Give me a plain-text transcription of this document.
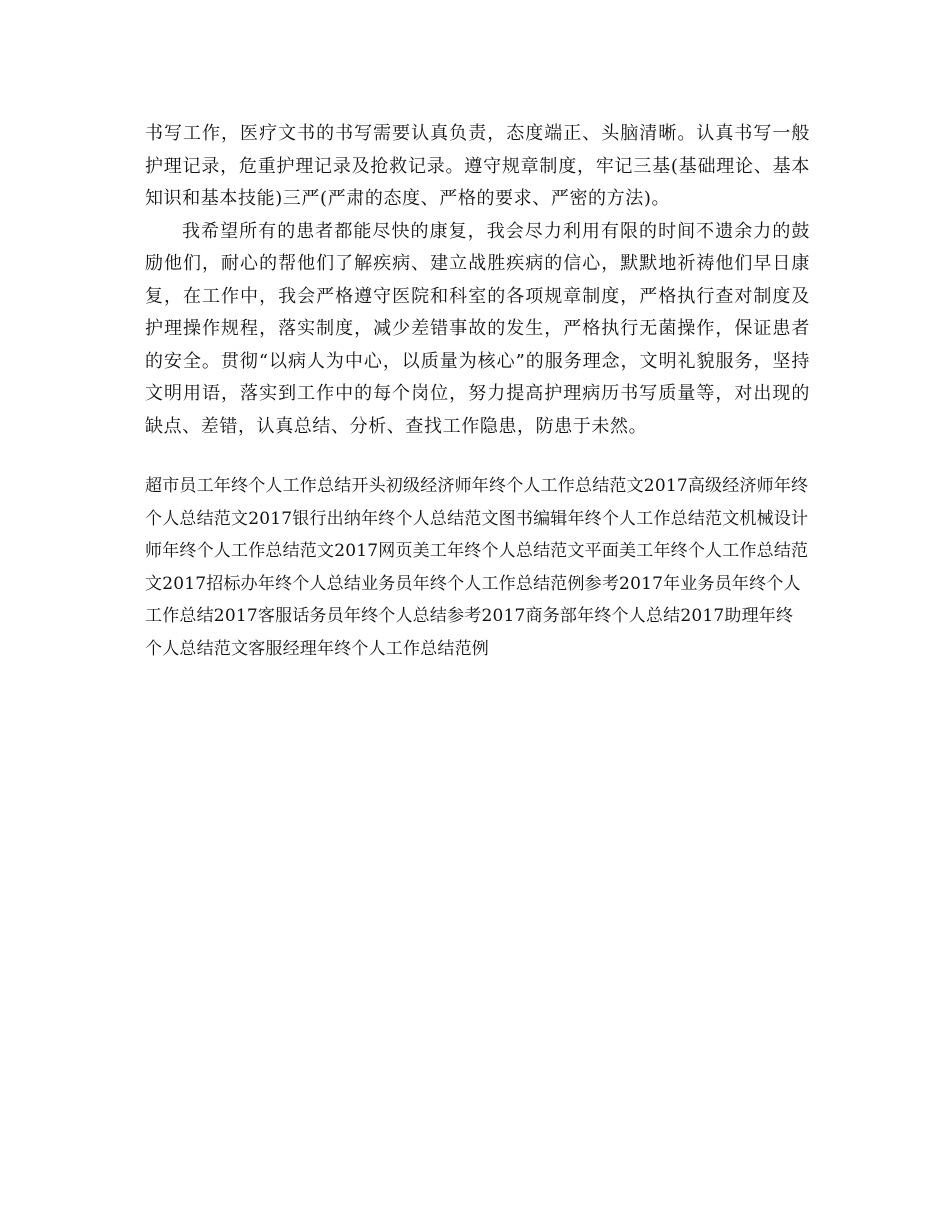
书写工作，医疗文书的书写需要认真负责，态度端正、头脑清晰。认真书写一般护理记录，危重护理记录及抢救记录。遵守规章制度，牢记三基(基础理论、基本知识和基本技能)三严(严肃的态度、严格的要求、严密的方法)。

我希望所有的患者都能尽快的康复，我会尽力利用有限的时间不遗余力的鼓励他们，耐心的帮他们了解疾病、建立战胜疾病的信心，默默地祈祷他们早日康复，在工作中，我会严格遵守医院和科室的各项规章制度，严格执行查对制度及护理操作规程，落实制度，减少差错事故的发生，严格执行无菌操作，保证患者的安全。贯彻“以病人为中心，以质量为核心”的服务理念，文明礼貌服务，坚持文明用语，落实到工作中的每个岗位，努力提高护理病历书写质量等，对出现的缺点、差错，认真总结、分析、查找工作隐患，防患于未然。

超市员工年终个人工作总结开头初级经济师年终个人工作总结范文2017高级经济师年终个人总结范文2017银行出纳年终个人总结范文图书编辑年终个人工作总结范文机械设计师年终个人工作总结范文2017网页美工年终个人总结范文平面美工年终个人工作总结范文2017招标办年终个人总结业务员年终个人工作总结范例参考2017年业务员年终个人工作总结2017客服话务员年终个人总结参考2017商务部年终个人总结2017助理年终个人总结范文客服经理年终个人工作总结范例
